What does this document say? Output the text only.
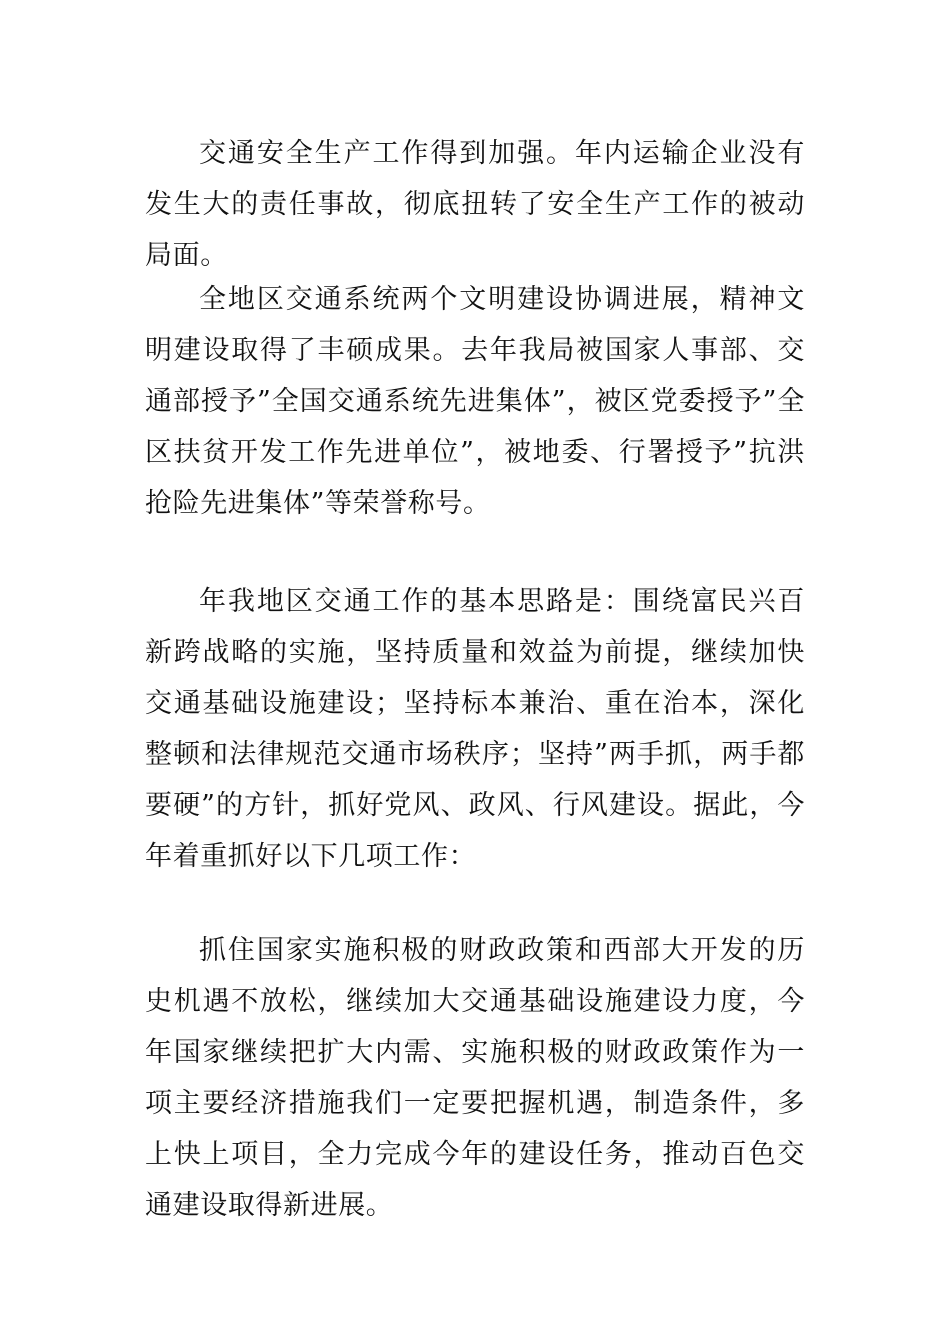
交通安全生产工作得到加强。年内运输企业没有发生大的责任事故，彻底扭转了安全生产工作的被动局面。

全地区交通系统两个文明建设协调进展，精神文明建设取得了丰硕成果。去年我局被国家人事部、交通部授予”全国交通系统先进集体”，被区党委授予”全区扶贫开发工作先进单位”，被地委、行署授予”抗洪抢险先进集体”等荣誉称号。

年我地区交通工作的基本思路是：围绕富民兴百新跨战略的实施，坚持质量和效益为前提，继续加快交通基础设施建设；坚持标本兼治、重在治本，深化整顿和法律规范交通市场秩序；坚持”两手抓，两手都要硬”的方针，抓好党风、政风、行风建设。据此，今年着重抓好以下几项工作：

抓住国家实施积极的财政政策和西部大开发的历史机遇不放松，继续加大交通基础设施建设力度，今年国家继续把扩大内需、实施积极的财政政策作为一项主要经济措施我们一定要把握机遇，制造条件，多上快上项目，全力完成今年的建设任务，推动百色交通建设取得新进展。
